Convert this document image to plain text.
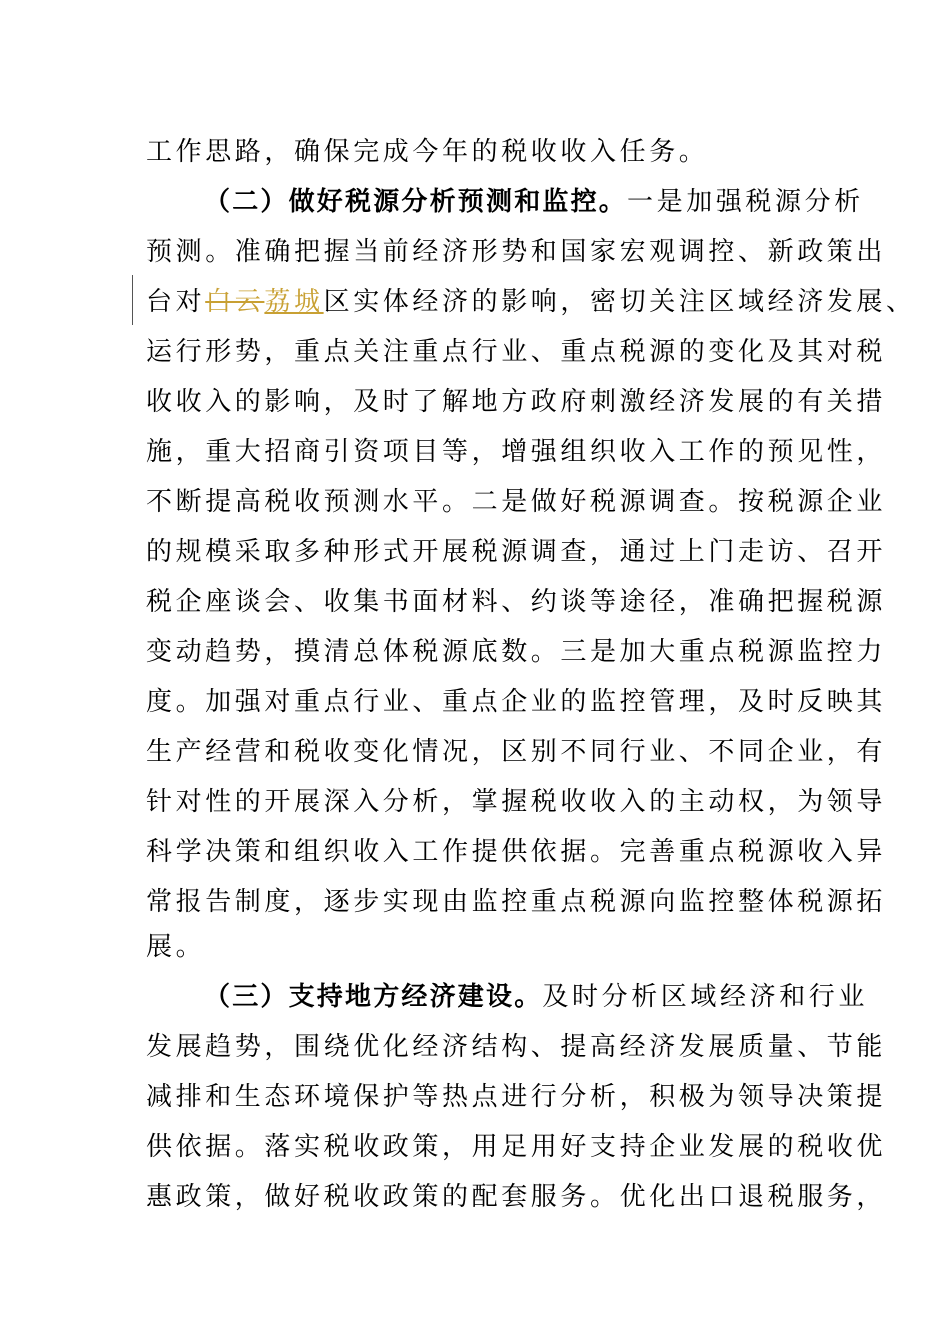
工作思路，确保完成今年的税收收入任务。
（二）做好税源分析预测和监控。一是加强税源分析
预测。准确把握当前经济形势和国家宏观调控、新政策出
台对白云荔城区实体经济的影响，密切关注区域经济发展、
运行形势，重点关注重点行业、重点税源的变化及其对税
收收入的影响，及时了解地方政府刺激经济发展的有关措
施，重大招商引资项目等，增强组织收入工作的预见性，
不断提高税收预测水平。二是做好税源调查。按税源企业
的规模采取多种形式开展税源调查，通过上门走访、召开
税企座谈会、收集书面材料、约谈等途径，准确把握税源
变动趋势，摸清总体税源底数。三是加大重点税源监控力
度。加强对重点行业、重点企业的监控管理，及时反映其
生产经营和税收变化情况，区别不同行业、不同企业，有
针对性的开展深入分析，掌握税收收入的主动权，为领导
科学决策和组织收入工作提供依据。完善重点税源收入异
常报告制度，逐步实现由监控重点税源向监控整体税源拓
展。
（三）支持地方经济建设。及时分析区域经济和行业
发展趋势，围绕优化经济结构、提高经济发展质量、节能
减排和生态环境保护等热点进行分析，积极为领导决策提
供依据。落实税收政策，用足用好支持企业发展的税收优
惠政策，做好税收政策的配套服务。优化出口退税服务，
